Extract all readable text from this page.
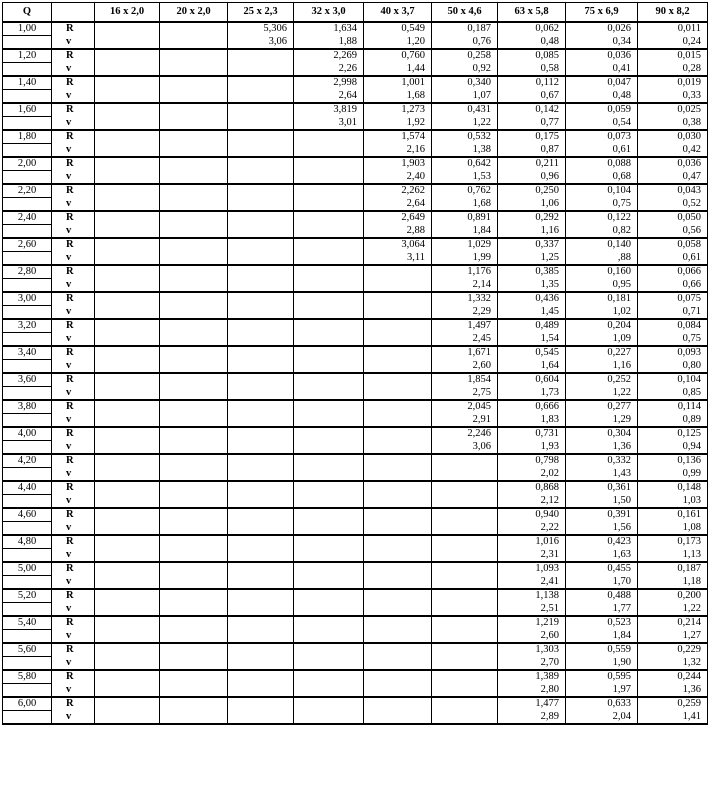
Q		16 x 2,0	20 x 2,0	25 x 2,3	32 x 3,0	40 x 3,7	50 x 4,6	63 x 5,8	75 x 6,9	90 x 8,2
1,00	R			5,306	1,634	0,549	0,187	0,062	0,026	0,011
	v			3,06	1,88	1,20	0,76	0,48	0,34	0,24
1,20	R				2,269	0,760	0,258	0,085	0,036	0,015
	v				2,26	1,44	0,92	0,58	0,41	0,28
1,40	R				2,998	1,001	0,340	0,112	0,047	0,019
	v				2,64	1,68	1,07	0,67	0,48	0,33
1,60	R				3,819	1,273	0,431	0,142	0,059	0,025
	v				3,01	1,92	1,22	0,77	0,54	0,38
1,80	R					1,574	0,532	0,175	0,073	0,030
	v					2,16	1,38	0,87	0,61	0,42
2,00	R					1,903	0,642	0,211	0,088	0,036
	v					2,40	1,53	0,96	0,68	0,47
2,20	R					2,262	0,762	0,250	0,104	0,043
	v					2,64	1,68	1,06	0,75	0,52
2,40	R					2,649	0,891	0,292	0,122	0,050
	v					2,88	1,84	1,16	0,82	0,56
2,60	R					3,064	1,029	0,337	0,140	0,058
	v					3,11	1,99	1,25	,88	0,61
2,80	R						1,176	0,385	0,160	0,066
	v						2,14	1,35	0,95	0,66
3,00	R						1,332	0,436	0,181	0,075
	v						2,29	1,45	1,02	0,71
3,20	R						1,497	0,489	0,204	0,084
	v						2,45	1,54	1,09	0,75
3,40	R						1,671	0,545	0,227	0,093
	v						2,60	1,64	1,16	0,80
3,60	R						1,854	0,604	0,252	0,104
	v						2,75	1,73	1,22	0,85
3,80	R						2,045	0,666	0,277	0,114
	v						2,91	1,83	1,29	0,89
4,00	R						2,246	0,731	0,304	0,125
	v						3,06	1,93	1,36	0,94
4,20	R							0,798	0,332	0,136
	v							2,02	1,43	0,99
4,40	R							0,868	0,361	0,148
	v							2,12	1,50	1,03
4,60	R							0,940	0,391	0,161
	v							2,22	1,56	1,08
4,80	R							1,016	0,423	0,173
	v							2,31	1,63	1,13
5,00	R							1,093	0,455	0,187
	v							2,41	1,70	1,18
5,20	R							1,138	0,488	0,200
	v							2,51	1,77	1,22
5,40	R							1,219	0,523	0,214
	v							2,60	1,84	1,27
5,60	R							1,303	0,559	0,229
	v							2,70	1,90	1,32
5,80	R							1,389	0,595	0,244
	v							2,80	1,97	1,36
6,00	R							1,477	0,633	0,259
	v							2,89	2,04	1,41
